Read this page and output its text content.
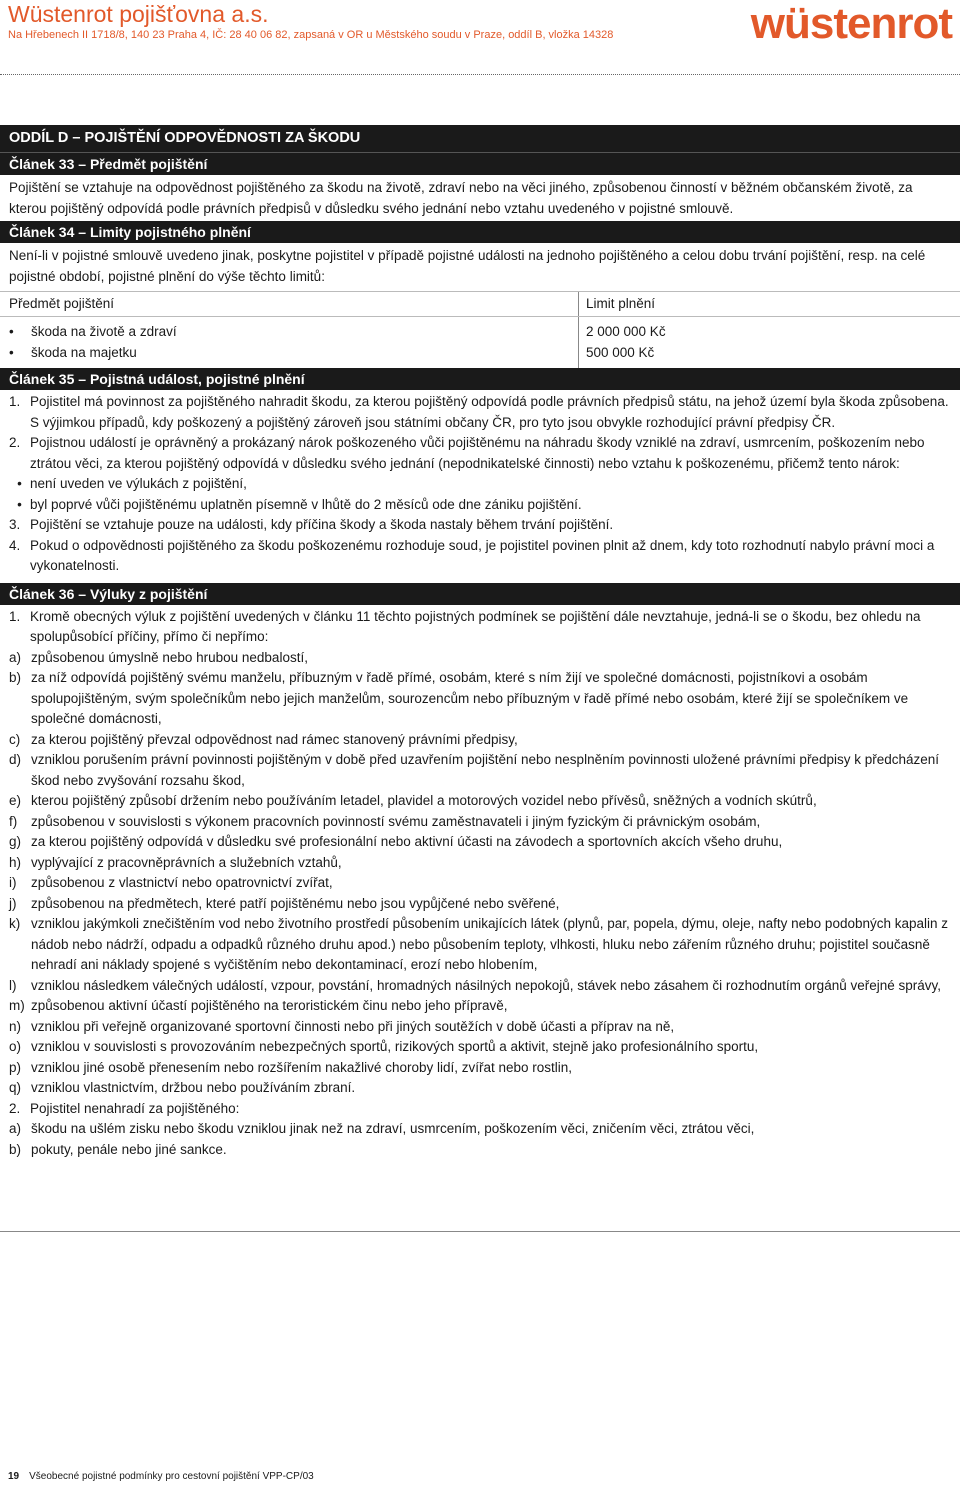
Wüstenrot pojišťovna a.s.
Na Hřebenech II 1718/8, 140 23 Praha 4, IČ: 28 40 06 82, zapsaná v OR u Městského soudu v Praze, oddíl B, vložka 14328	wüstenrot
ODDÍL D – POJIŠTĚNÍ ODPOVĚDNOSTI ZA ŠKODU
Článek 33 – Předmět pojištění

Pojištění se vztahuje na odpovědnost pojištěného za škodu na životě, zdraví nebo na věci jiného, způsobenou činností v běžném občanském životě, za kterou pojištěný odpovídá podle právních předpisů v důsledku svého jednání nebo vztahu uvedeného v pojistné smlouvě.

Článek 34 – Limity pojistného plnění

Není-li v pojistné smlouvě uvedeno jinak, poskytne pojistitel v případě pojistné události na jednoho pojištěného a celou dobu trvání pojištění, resp. na celé pojistné období, pojistné plnění do výše těchto limitů:

Předmět pojištění	Limit plnění

• škoda na životě a zdraví	2 000 000 Kč
• škoda na majetku	500 000 Kč

Článek 35 – Pojistná událost, pojistné plnění
1. Pojistitel má povinnost za pojištěného nahradit škodu, za kterou pojištěný odpovídá podle právních předpisů státu, na jehož území byla škoda způsobena. S výjimkou případů, kdy poškozený a pojištěný zároveň jsou státními občany ČR, pro tyto jsou obvykle rozhodující právní předpisy ČR.
2. Pojistnou událostí je oprávněný a prokázaný nárok poškozeného vůči pojištěnému na náhradu škody vzniklé na zdraví, usmrcením, poškozením nebo ztrátou věci, za kterou pojištěný odpovídá v důsledku svého jednání (nepodnikatelské činnosti) nebo vztahu k poškozenému, přičemž tento nárok:
• není uveden ve výlukách z pojištění,
• byl poprvé vůči pojištěnému uplatněn písemně v lhůtě do 2 měsíců ode dne zániku pojištění.
3. Pojištění se vztahuje pouze na události, kdy příčina škody a škoda nastaly během trvání pojištění.
4. Pokud o odpovědnosti pojištěného za škodu poškozenému rozhoduje soud, je pojistitel povinen plnit až dnem, kdy toto rozhodnutí nabylo právní moci a vykonatelnosti.
Článek 36 – Výluky z pojištění
1. Kromě obecných výluk z pojištění uvedených v článku 11 těchto pojistných podmínek se pojištění dále nevztahuje, jedná-li se o škodu, bez ohledu na spolupůsobící příčiny, přímo či nepřímo:
a) způsobenou úmyslně nebo hrubou nedbalostí,
b) za níž odpovídá pojištěný svému manželu, příbuzným v řadě přímé, osobám, které s ním žijí ve společné domácnosti, pojistníkovi a osobám spolupojištěným, svým společníkům nebo jejich manželům, sourozencům nebo příbuzným v řadě přímé nebo osobám, které žijí se společníkem ve společné domácnosti,
c) za kterou pojištěný převzal odpovědnost nad rámec stanovený právními předpisy,
d) vzniklou porušením právní povinnosti pojištěným v době před uzavřením pojištění nebo nesplněním povinnosti uložené právními předpisy k předcházení škod nebo zvyšování rozsahu škod,
e) kterou pojištěný způsobí držením nebo používáním letadel, plavidel a motorových vozidel nebo přívěsů, sněžných a vodních skútrů,
f)	způsobenou v souvislosti s výkonem pracovních povinností svému zaměstnavateli i jiným fyzickým či právnickým osobám,
g) za kterou pojištěný odpovídá v důsledku své profesionální nebo aktivní účasti na závodech a sportovních akcích všeho druhu,
h) vyplývající z pracovněprávních a služebních vztahů,
i)	způsobenou z vlastnictví nebo opatrovnictví zvířat,
j)	způsobenou na předmětech, které patří pojištěnému nebo jsou vypůjčené nebo svěřené,
k) vzniklou jakýmkoli znečištěním vod nebo životního prostředí působením unikajících látek (plynů, par, popela, dýmu, oleje, nafty nebo podobných kapalin z nádob nebo nádrží, odpadu a odpadků různého druhu apod.) nebo působením teploty, vlhkosti, hluku nebo zářením různého druhu; pojistitel současně nehradí ani náklady spojené s vyčištěním nebo dekontaminací, erozí nebo hlobením,
l)	vzniklou následkem válečných událostí, vzpour, povstání, hromadných násilných nepokojů, stávek nebo zásahem či rozhodnutím orgánů veřejné správy,
m) způsobenou aktivní účastí pojištěného na teroristickém činu nebo jeho přípravě,
n) vzniklou při veřejně organizované sportovní činnosti nebo při jiných soutěžích v době účasti a příprav na ně,
o) vzniklou v souvislosti s provozováním nebezpečných sportů, rizikových sportů a aktivit, stejně jako profesionálního sportu,
p) vzniklou jiné osobě přenesením nebo rozšířením nakažlivé choroby lidí, zvířat nebo rostlin,
q) vzniklou vlastnictvím, držbou nebo používáním zbraní.
2. Pojistitel nenahradí za pojištěného:
a) škodu na ušlém zisku nebo škodu vzniklou jinak než na zdraví, usmrcením, poškozením věci, zničením věci, ztrátou věci,
b) pokuty, penále nebo jiné sankce.
19 Všeobecné pojistné podmínky pro cestovní pojištění VPP-CP/03
